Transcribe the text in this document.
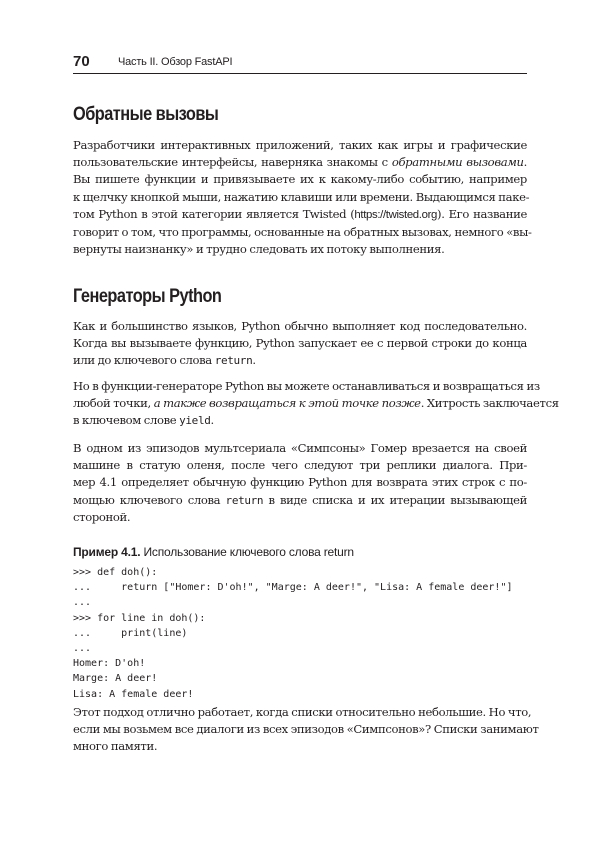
70	Часть II. Обзор FastAPI
Обратные вызовы
Разработчики интерактивных приложений, таких как игры и графические
пользовательские интерфейсы, наверняка знакомы с обратными вызовами.
Вы пишете функции и привязываете их к какому-либо событию, например
к щелчку кнопкой мыши, нажатию клавиши или времени. Выдающимся паке-
том Python в этой категории является Twisted (https://twisted.org). Его название
говорит о том, что программы, основанные на обратных вызовах, немного «вы-
вернуты наизнанку» и трудно следовать их потоку выполнения.
Генераторы Python
Как и большинство языков, Python обычно выполняет код последовательно.
Когда вы вызываете функцию, Python запускает ее с первой строки до конца
или до ключевого слова return.
Но в функции-генераторе Python вы можете останавливаться и возвращаться из
любой точки, а также возвращаться к этой точке позже. Хитрость заключается
в ключевом слове yield.
В одном из эпизодов мультсериала «Симпсоны» Гомер врезается на своей
машине в статую оленя, после чего следуют три реплики диалога. При-
мер 4.1 определяет обычную функцию Python для возврата этих строк с по-
мощью ключевого слова return в виде списка и их итерации вызывающей
стороной.
Пример 4.1. Использование ключевого слова return
>>> def doh():
...     return ["Homer: D'oh!", "Marge: A deer!", "Lisa: A female deer!"]
...
>>> for line in doh():
...     print(line)
...
Homer: D'oh!
Marge: A deer!
Lisa: A female deer!
Этот подход отлично работает, когда списки относительно небольшие. Но что,
если мы возьмем все диалоги из всех эпизодов «Симпсонов»? Списки занимают
много памяти.
